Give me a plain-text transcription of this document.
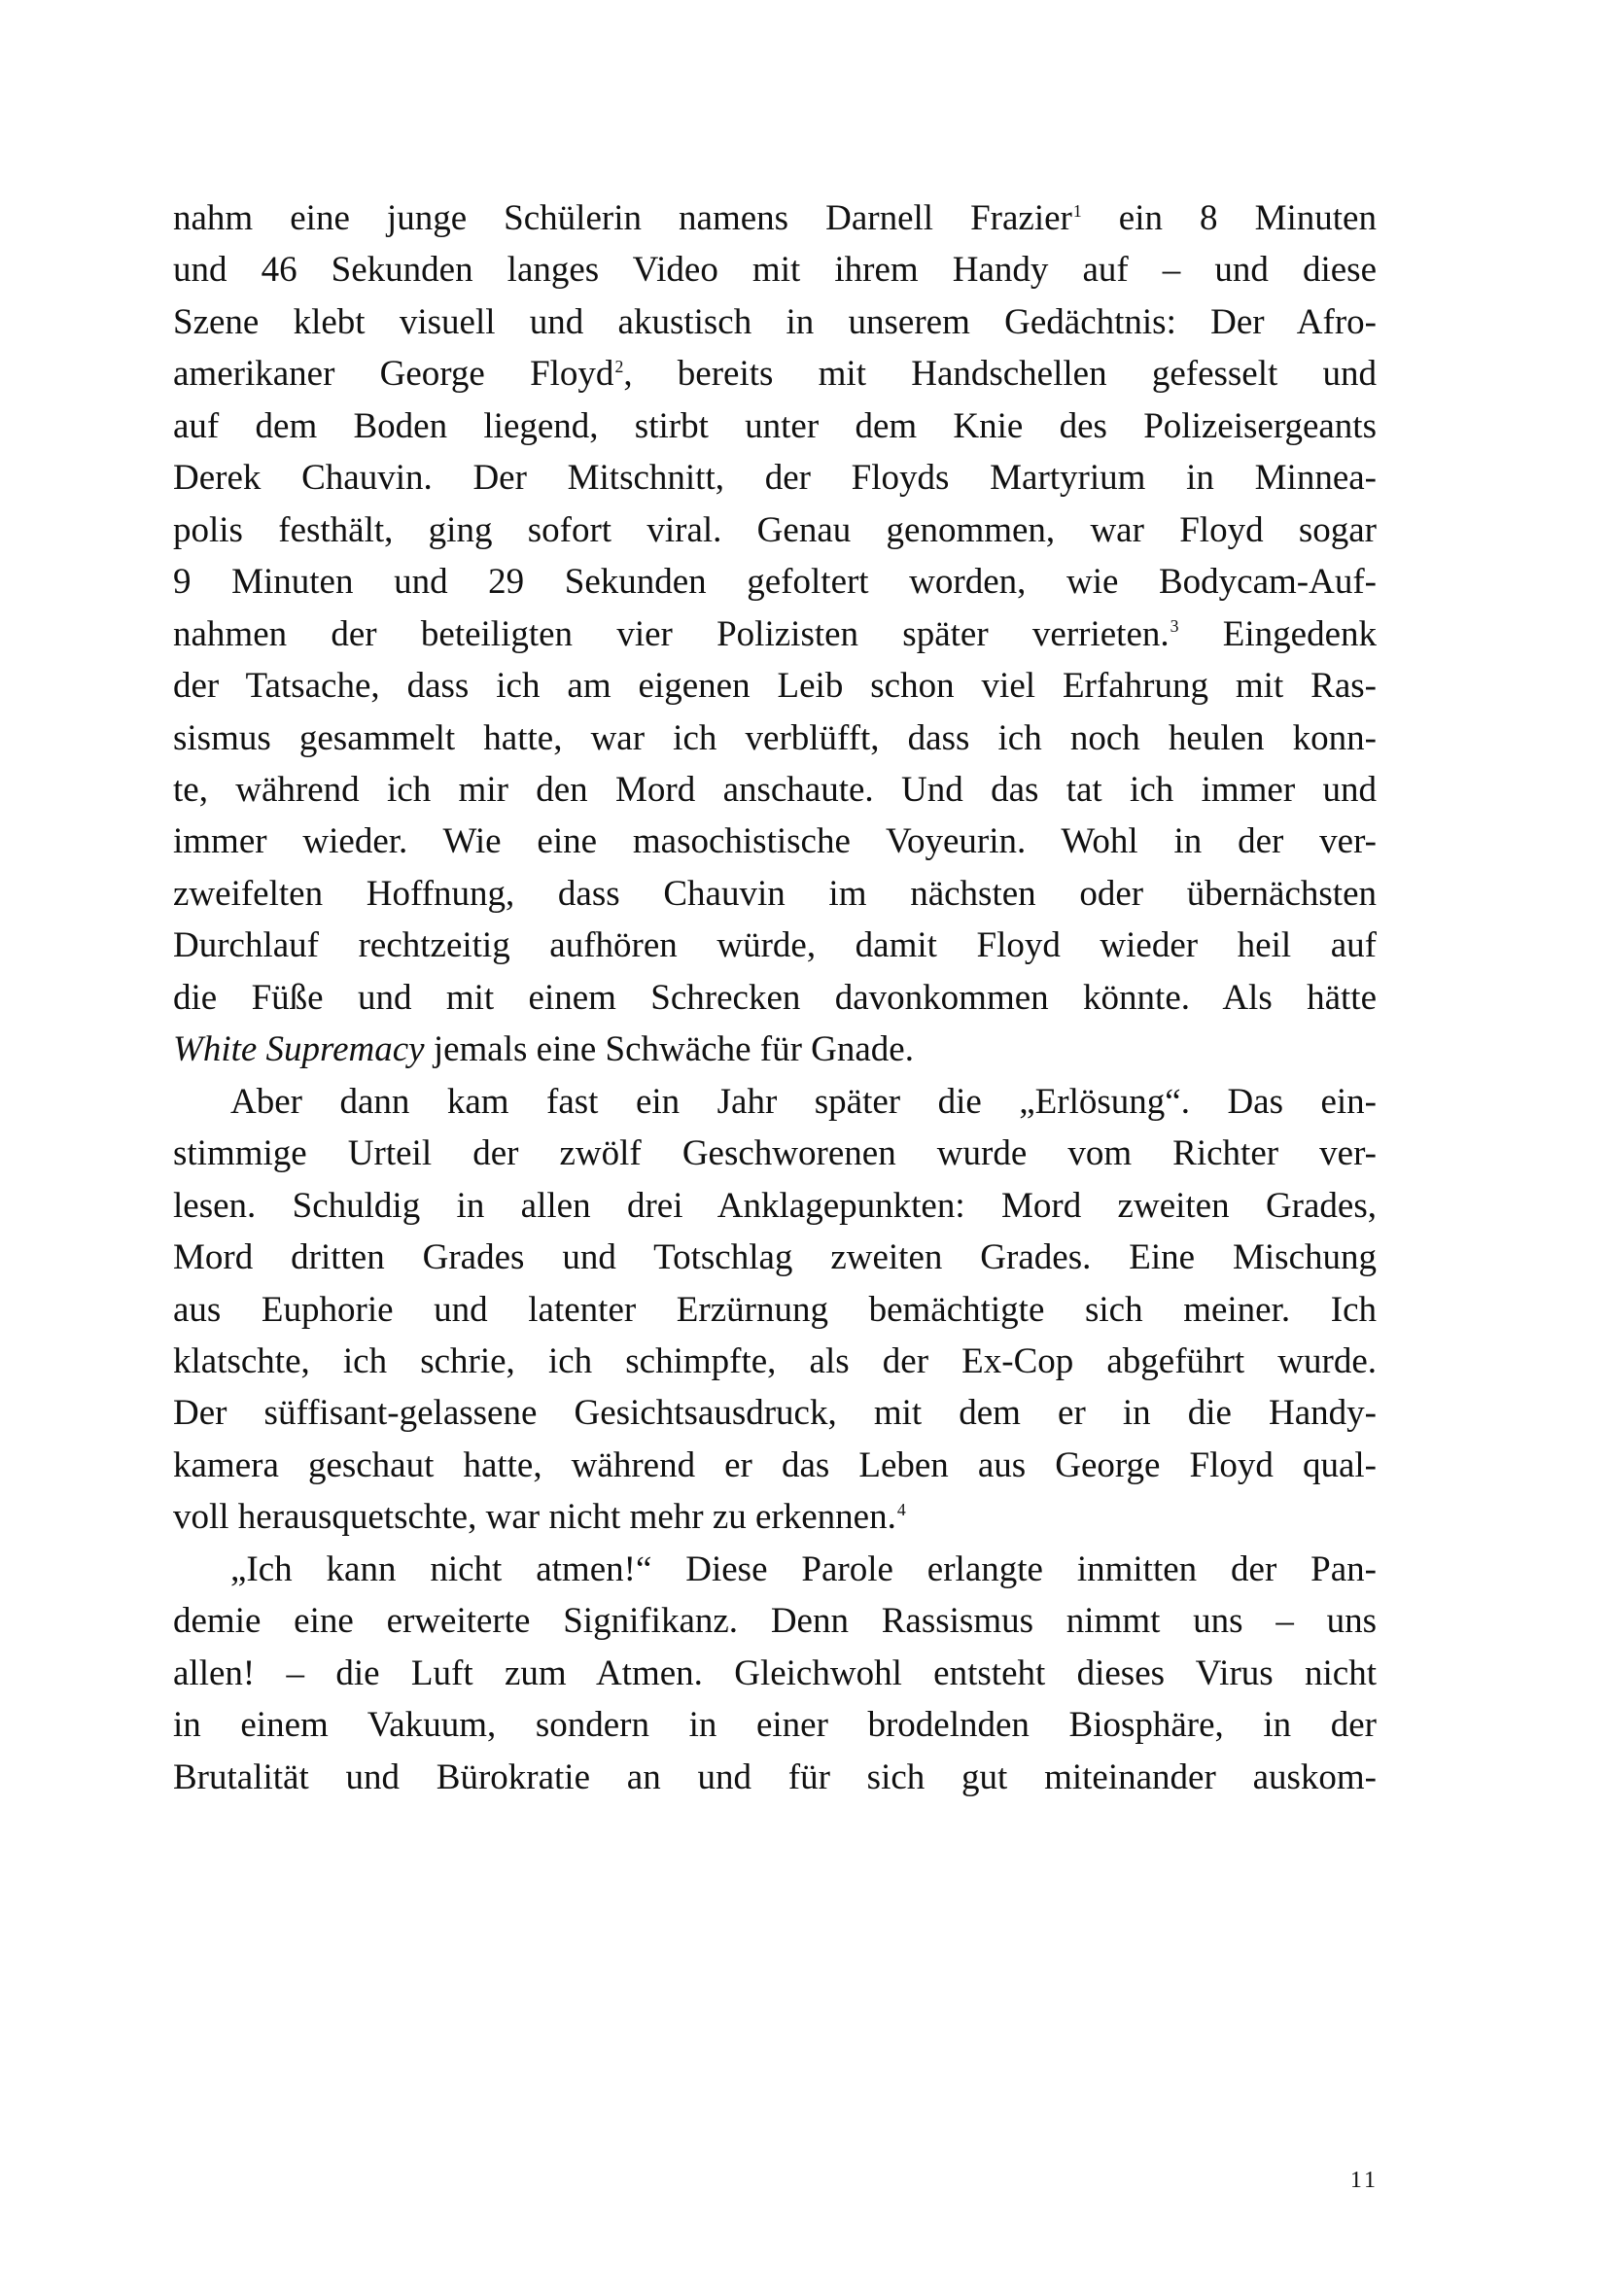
nahm eine junge Schülerin namens Darnell Frazier$^1$ ein 8 Minuten
und 46 Sekunden langes Video mit ihrem Handy auf – und diese
Szene klebt visuell und akustisch in unserem Gedächtnis: Der Afro-
amerikaner George Floyd$^2$, bereits mit Handschellen gefesselt und
auf dem Boden liegend, stirbt unter dem Knie des Polizeisergeants
Derek Chauvin. Der Mitschnitt, der Floyds Martyrium in Minnea-
polis festhält, ging sofort viral. Genau genommen, war Floyd sogar
9 Minuten und 29 Sekunden gefoltert worden, wie Bodycam-Auf-
nahmen der beteiligten vier Polizisten später verrieten.$^3$ Eingedenk
der Tatsache, dass ich am eigenen Leib schon viel Erfahrung mit Ras-
sismus gesammelt hatte, war ich verblüfft, dass ich noch heulen konn-
te, während ich mir den Mord anschaute. Und das tat ich immer und
immer wieder. Wie eine masochistische Voyeurin. Wohl in der ver-
zweifelten Hoffnung, dass Chauvin im nächsten oder übernächsten
Durchlauf rechtzeitig aufhören würde, damit Floyd wieder heil auf
die Füße und mit einem Schrecken davonkommen könnte. Als hätte
White Supremacy jemals eine Schwäche für Gnade.
Aber dann kam fast ein Jahr später die „Erlösung“. Das ein-
stimmige Urteil der zwölf Geschworenen wurde vom Richter ver-
lesen. Schuldig in allen drei Anklagepunkten: Mord zweiten Grades,
Mord dritten Grades und Totschlag zweiten Grades. Eine Mischung
aus Euphorie und latenter Erzürnung bemächtigte sich meiner. Ich
klatschte, ich schrie, ich schimpfte, als der Ex-Cop abgeführt wurde.
Der süffisant-gelassene Gesichtsausdruck, mit dem er in die Handy-
kamera geschaut hatte, während er das Leben aus George Floyd qual-
voll herausquetschte, war nicht mehr zu erkennen.$^4$
„Ich kann nicht atmen!“ Diese Parole erlangte inmitten der Pan-
demie eine erweiterte Signifikanz. Denn Rassismus nimmt uns – uns
allen! – die Luft zum Atmen. Gleichwohl entsteht dieses Virus nicht
in einem Vakuum, sondern in einer brodelnden Biosphäre, in der
Brutalität und Bürokratie an und für sich gut miteinander auskom-
11
